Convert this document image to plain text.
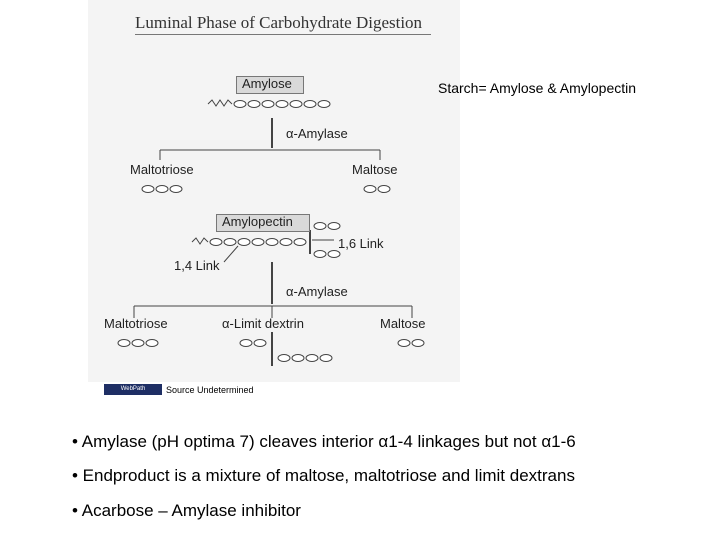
Luminal Phase of Carbohydrate Digestion
Amylose
α-Amylase
Maltotriose	Maltose
Amylopectin
1,6 Link
1,4 Link
α-Amylase
Maltotriose	α-Limit dextrin	Maltose
Starch= Amylose & Amylopectin
WebPath	Source Undetermined
• Amylase (pH optima 7) cleaves interior α1-4 linkages but not α1-6
• Endproduct is a mixture of maltose, maltotriose and limit dextrans
• Acarbose – Amylase inhibitor
